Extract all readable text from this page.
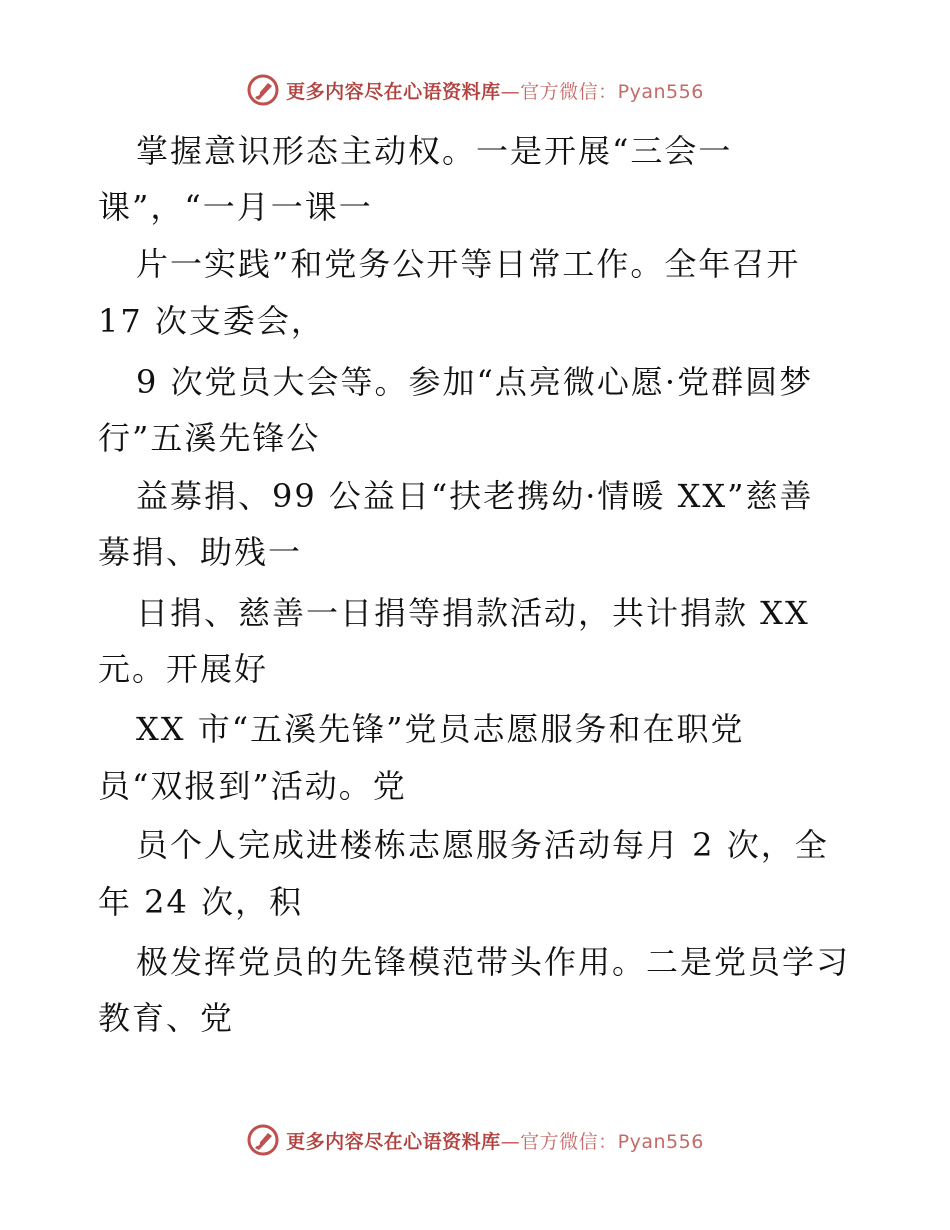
更多内容尽在心语资料库—官方微信：Pyan556
掌握意识形态主动权。一是开展“三会一
课”，“一月一课一
片一实践”和党务公开等日常工作。全年召开
17 次支委会，
9 次党员大会等。参加“点亮微心愿·党群圆梦
行”五溪先锋公
益募捐、99 公益日“扶老携幼·情暖 XX”慈善
募捐、助残一
日捐、慈善一日捐等捐款活动，共计捐款 XX
元。开展好
XX 市“五溪先锋”党员志愿服务和在职党
员“双报到”活动。党
员个人完成进楼栋志愿服务活动每月 2 次，全
年 24 次，积
极发挥党员的先锋模范带头作用。二是党员学习
教育、党
更多内容尽在心语资料库—官方微信：Pyan556
